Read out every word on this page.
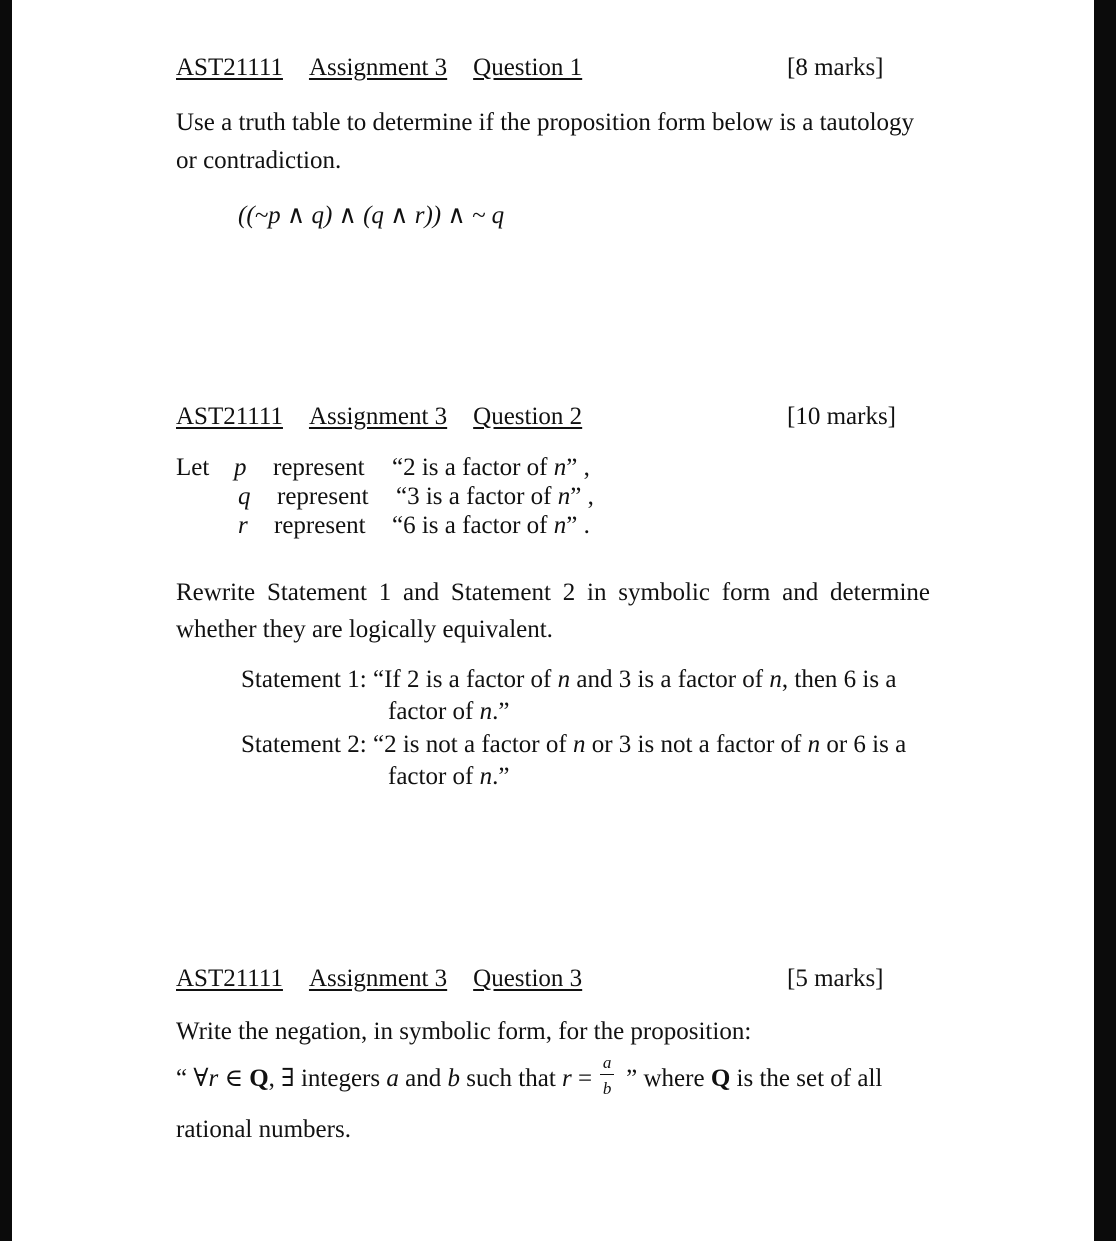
AST21111 Assignment 3 Question 1	[8 marks]
Use a truth table to determine if the proposition form below is a tautology
or contradiction.
((~p ∧ q) ∧ (q ∧ r)) ∧ ~ q
AST21111 Assignment 3 Question 2	[10 marks]
Let p represent “2 is a factor of n” ,
q represent “3 is a factor of n” ,
r represent “6 is a factor of n” .
Rewrite Statement 1 and Statement 2 in symbolic form and determine whether they are logically equivalent.
Statement 1: “If 2 is a factor of n and 3 is a factor of n, then 6 is a
factor of n.”
Statement 2: “2 is not a factor of n or 3 is not a factor of n or 6 is a
factor of n.”
AST21111 Assignment 3 Question 3	[5 marks]
Write the negation, in symbolic form, for the proposition:
“ ∀r ∈ Q, ∃ integers a and b such that $r = \frac{a}{b}$ ” where Q is the set of all
rational numbers.
